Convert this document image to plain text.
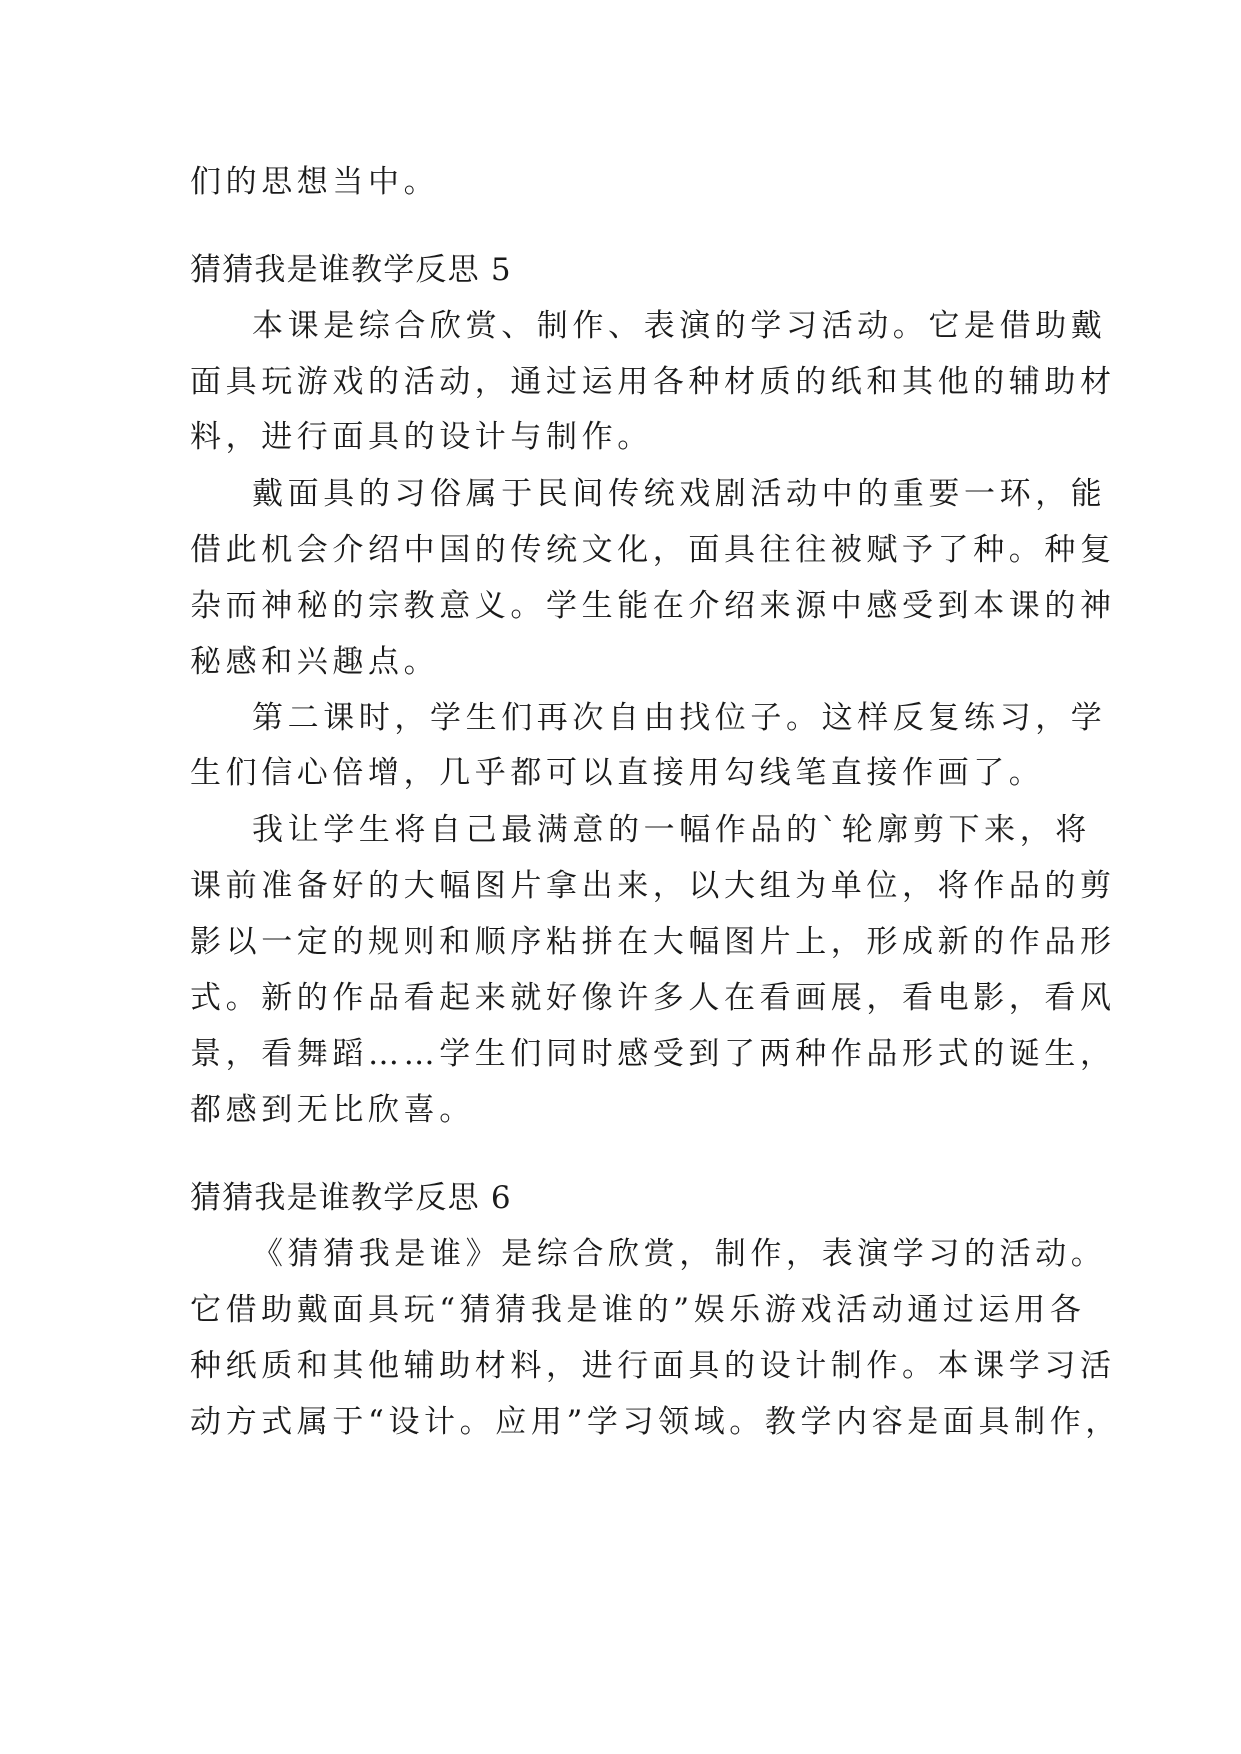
们的思想当中。
猜猜我是谁教学反思 5
本课是综合欣赏、制作、表演的学习活动。它是借助戴
面具玩游戏的活动，通过运用各种材质的纸和其他的辅助材
料，进行面具的设计与制作。
戴面具的习俗属于民间传统戏剧活动中的重要一环，能
借此机会介绍中国的传统文化，面具往往被赋予了种。种复
杂而神秘的宗教意义。学生能在介绍来源中感受到本课的神
秘感和兴趣点。
第二课时，学生们再次自由找位子。这样反复练习，学
生们信心倍增，几乎都可以直接用勾线笔直接作画了。
我让学生将自己最满意的一幅作品的`轮廓剪下来，将
课前准备好的大幅图片拿出来，以大组为单位，将作品的剪
影以一定的规则和顺序粘拼在大幅图片上，形成新的作品形
式。新的作品看起来就好像许多人在看画展，看电影，看风
景，看舞蹈……学生们同时感受到了两种作品形式的诞生，
都感到无比欣喜。
猜猜我是谁教学反思 6
《猜猜我是谁》是综合欣赏，制作，表演学习的活动。
它借助戴面具玩“猜猜我是谁的”娱乐游戏活动通过运用各
种纸质和其他辅助材料，进行面具的设计制作。本课学习活
动方式属于“设计。应用”学习领域。教学内容是面具制作，
